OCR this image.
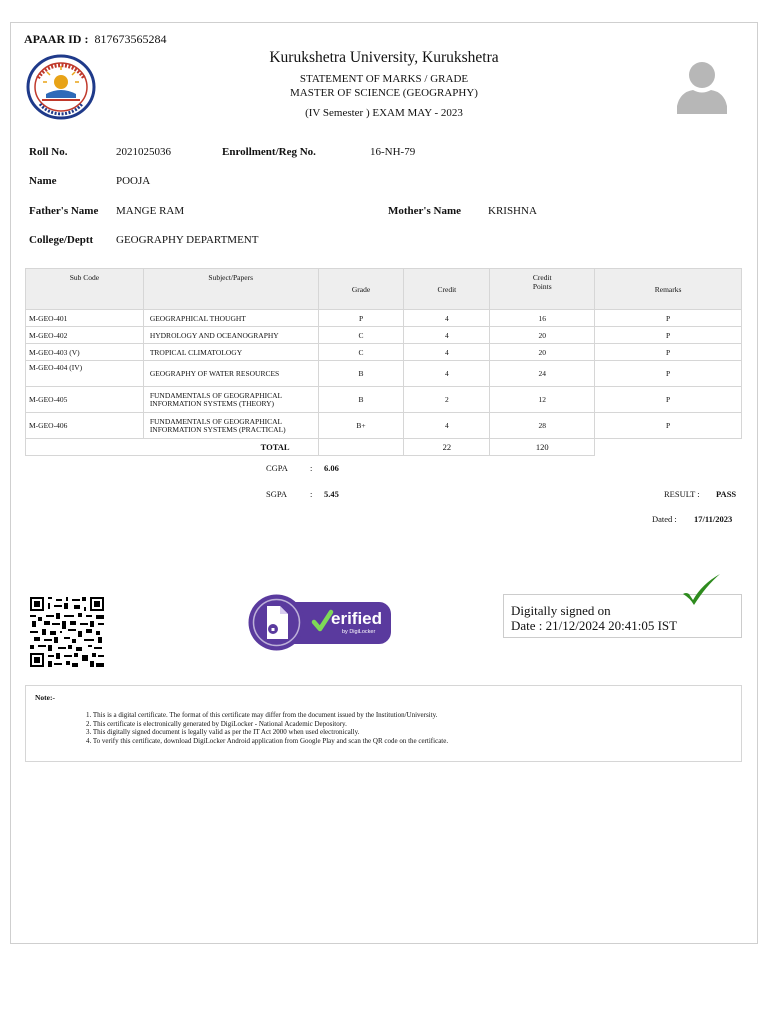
APAAR ID : 817673565284
Kurukshetra University, Kurukshetra
STATEMENT OF MARKS / GRADE
MASTER OF SCIENCE (GEOGRAPHY)
(IV Semester ) EXAM MAY - 2023
Roll No.	2021025036	Enrollment/Reg No.	16-NH-79
Name	POOJA
Father's Name MANGE RAM	Mother's Name KRISHNA
College/Deptt GEOGRAPHY DEPARTMENT
Sub Code	Subject/Papers	Grade	Credit	Credit Points	Remarks
M-GEO-401	GEOGRAPHICAL THOUGHT	P	4	16	P
M-GEO-402	HYDROLOGY AND OCEANOGRAPHY	C	4	20	P
M-GEO-403 (V)	TROPICAL CLIMATOLOGY	C	4	20	P
M-GEO-404 (IV)	GEOGRAPHY OF WATER RESOURCES	B	4	24	P
M-GEO-405	FUNDAMENTALS OF GEOGRAPHICAL INFORMATION SYSTEMS (THEORY)	B	2	12	P
M-GEO-406	FUNDAMENTALS OF GEOGRAPHICAL INFORMATION SYSTEMS (PRACTICAL)	B+	4	28	P
TOTAL			22	120	
CGPA	: 6.06
SGPA	: 5.45	RESULT : PASS
Dated : 17/11/2023
erified
by DigiLocker
Digitally signed on
Date : 21/12/2024 20:41:05 IST
Note:-
1. This is a digital certificate. The format of this certificate may differ from the document issued by the Institution/University.
2. This certificate is electronically generated by DigiLocker - National Academic Depository.
3. This digitally signed document is legally valid as per the IT Act 2000 when used electronically.
4. To verify this certificate, download DigiLocker Android application from Google Play and scan the QR code on the certificate.
